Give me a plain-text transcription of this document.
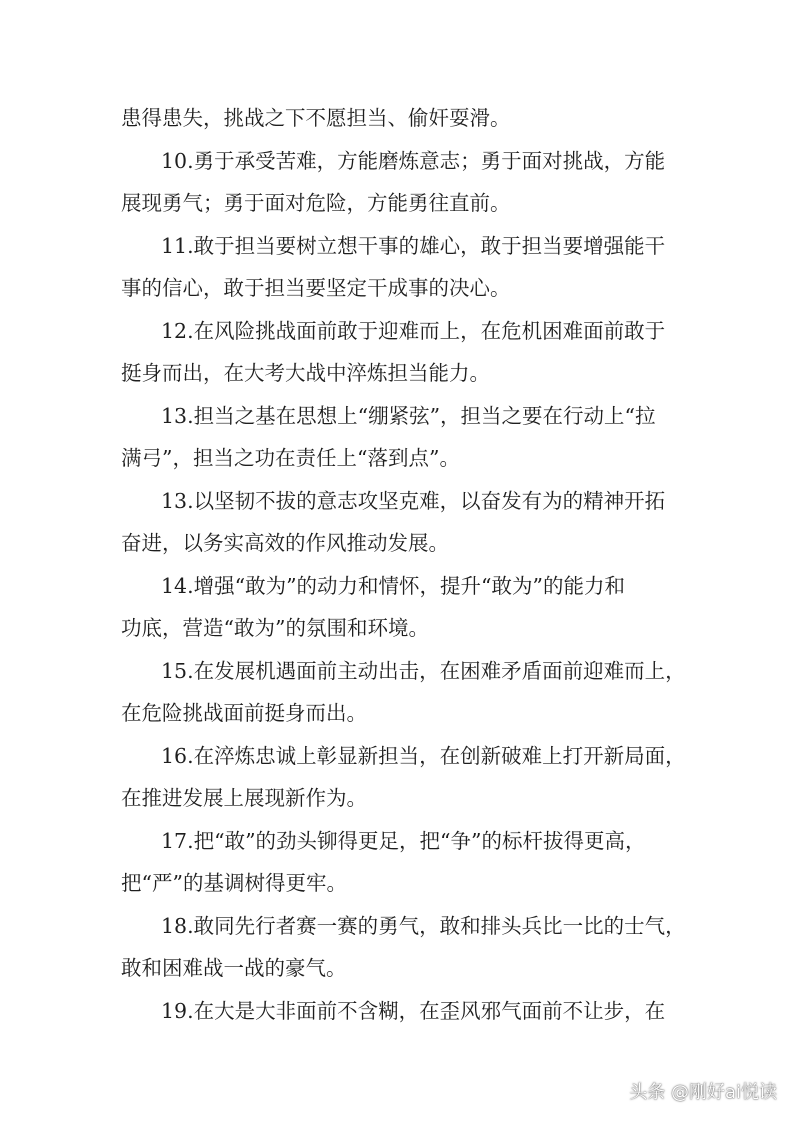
患得患失，挑战之下不愿担当、偷奸耍滑。
10.勇于承受苦难，方能磨炼意志；勇于面对挑战，方能
展现勇气；勇于面对危险，方能勇往直前。
11.敢于担当要树立想干事的雄心，敢于担当要增强能干
事的信心，敢于担当要坚定干成事的决心。
12.在风险挑战面前敢于迎难而上，在危机困难面前敢于
挺身而出，在大考大战中淬炼担当能力。
13.担当之基在思想上“绷紧弦”，担当之要在行动上“拉
满弓”，担当之功在责任上“落到点”。
13.以坚韧不拔的意志攻坚克难，以奋发有为的精神开拓
奋进，以务实高效的作风推动发展。
14.增强“敢为”的动力和情怀，提升“敢为”的能力和
功底，营造“敢为”的氛围和环境。
15.在发展机遇面前主动出击，在困难矛盾面前迎难而上，
在危险挑战面前挺身而出。
16.在淬炼忠诚上彰显新担当，在创新破难上打开新局面，
在推进发展上展现新作为。
17.把“敢”的劲头铆得更足，把“争”的标杆拔得更高，
把“严”的基调树得更牢。
18.敢同先行者赛一赛的勇气，敢和排头兵比一比的士气，
敢和困难战一战的豪气。
19.在大是大非面前不含糊，在歪风邪气面前不让步，在
头条 @刚好ai悦读
